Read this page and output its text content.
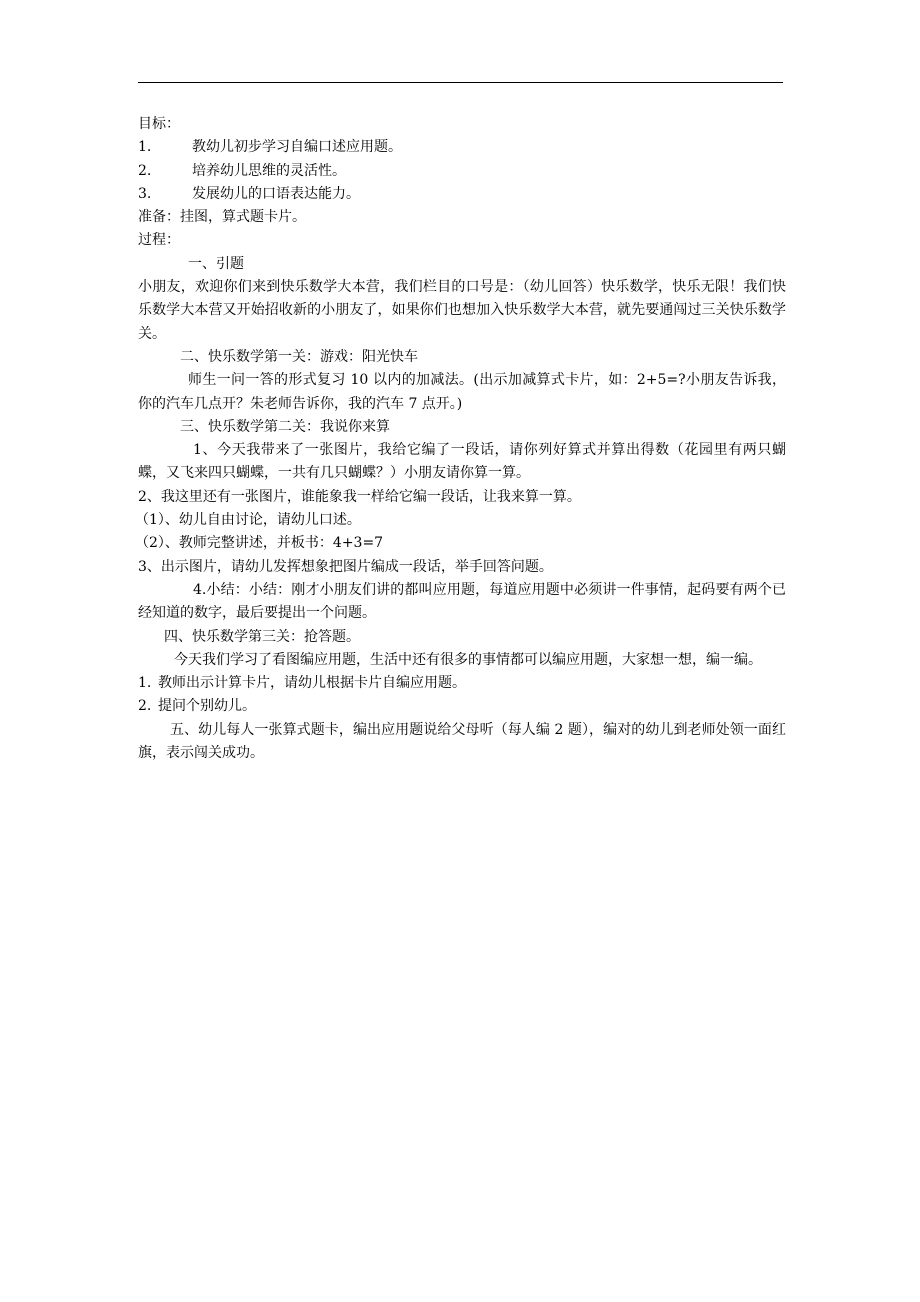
目标：
1.	教幼儿初步学习自编口述应用题。
2.	培养幼儿思维的灵活性。
3.	发展幼儿的口语表达能力。
准备：挂图，算式题卡片。
过程：
一、引题
小朋友，欢迎你们来到快乐数学大本营，我们栏目的口号是：（幼儿回答）快乐数学，快乐无限！我们快乐数学大本营又开始招收新的小朋友了，如果你们也想加入快乐数学大本营，就先要通闯过三关快乐数学关。
二、快乐数学第一关：游戏：阳光快车
师生一问一答的形式复习 10 以内的加减法。(出示加减算式卡片，如：2+5=?小朋友告诉我，你的汽车几点开？朱老师告诉你，我的汽车 7 点开。)
三、快乐数学第二关：我说你来算
1、今天我带来了一张图片，我给它编了一段话，请你列好算式并算出得数（花园里有两只蝴蝶，又飞来四只蝴蝶，一共有几只蝴蝶？）小朋友请你算一算。
2、我这里还有一张图片，谁能象我一样给它编一段话，让我来算一算。
（1）、幼儿自由讨论，请幼儿口述。
（2）、教师完整讲述，并板书：4+3=7
3、出示图片，请幼儿发挥想象把图片编成一段话，举手回答问题。
4.小结：小结：刚才小朋友们讲的都叫应用题，每道应用题中必须讲一件事情，起码要有两个已经知道的数字，最后要提出一个问题。
四、快乐数学第三关：抢答题。
今天我们学习了看图编应用题，生活中还有很多的事情都可以编应用题，大家想一想，编一编。
1. 教师出示计算卡片，请幼儿根据卡片自编应用题。
2. 提问个别幼儿。
五、幼儿每人一张算式题卡，编出应用题说给父母听（每人编 2 题），编对的幼儿到老师处领一面红旗，表示闯关成功。
